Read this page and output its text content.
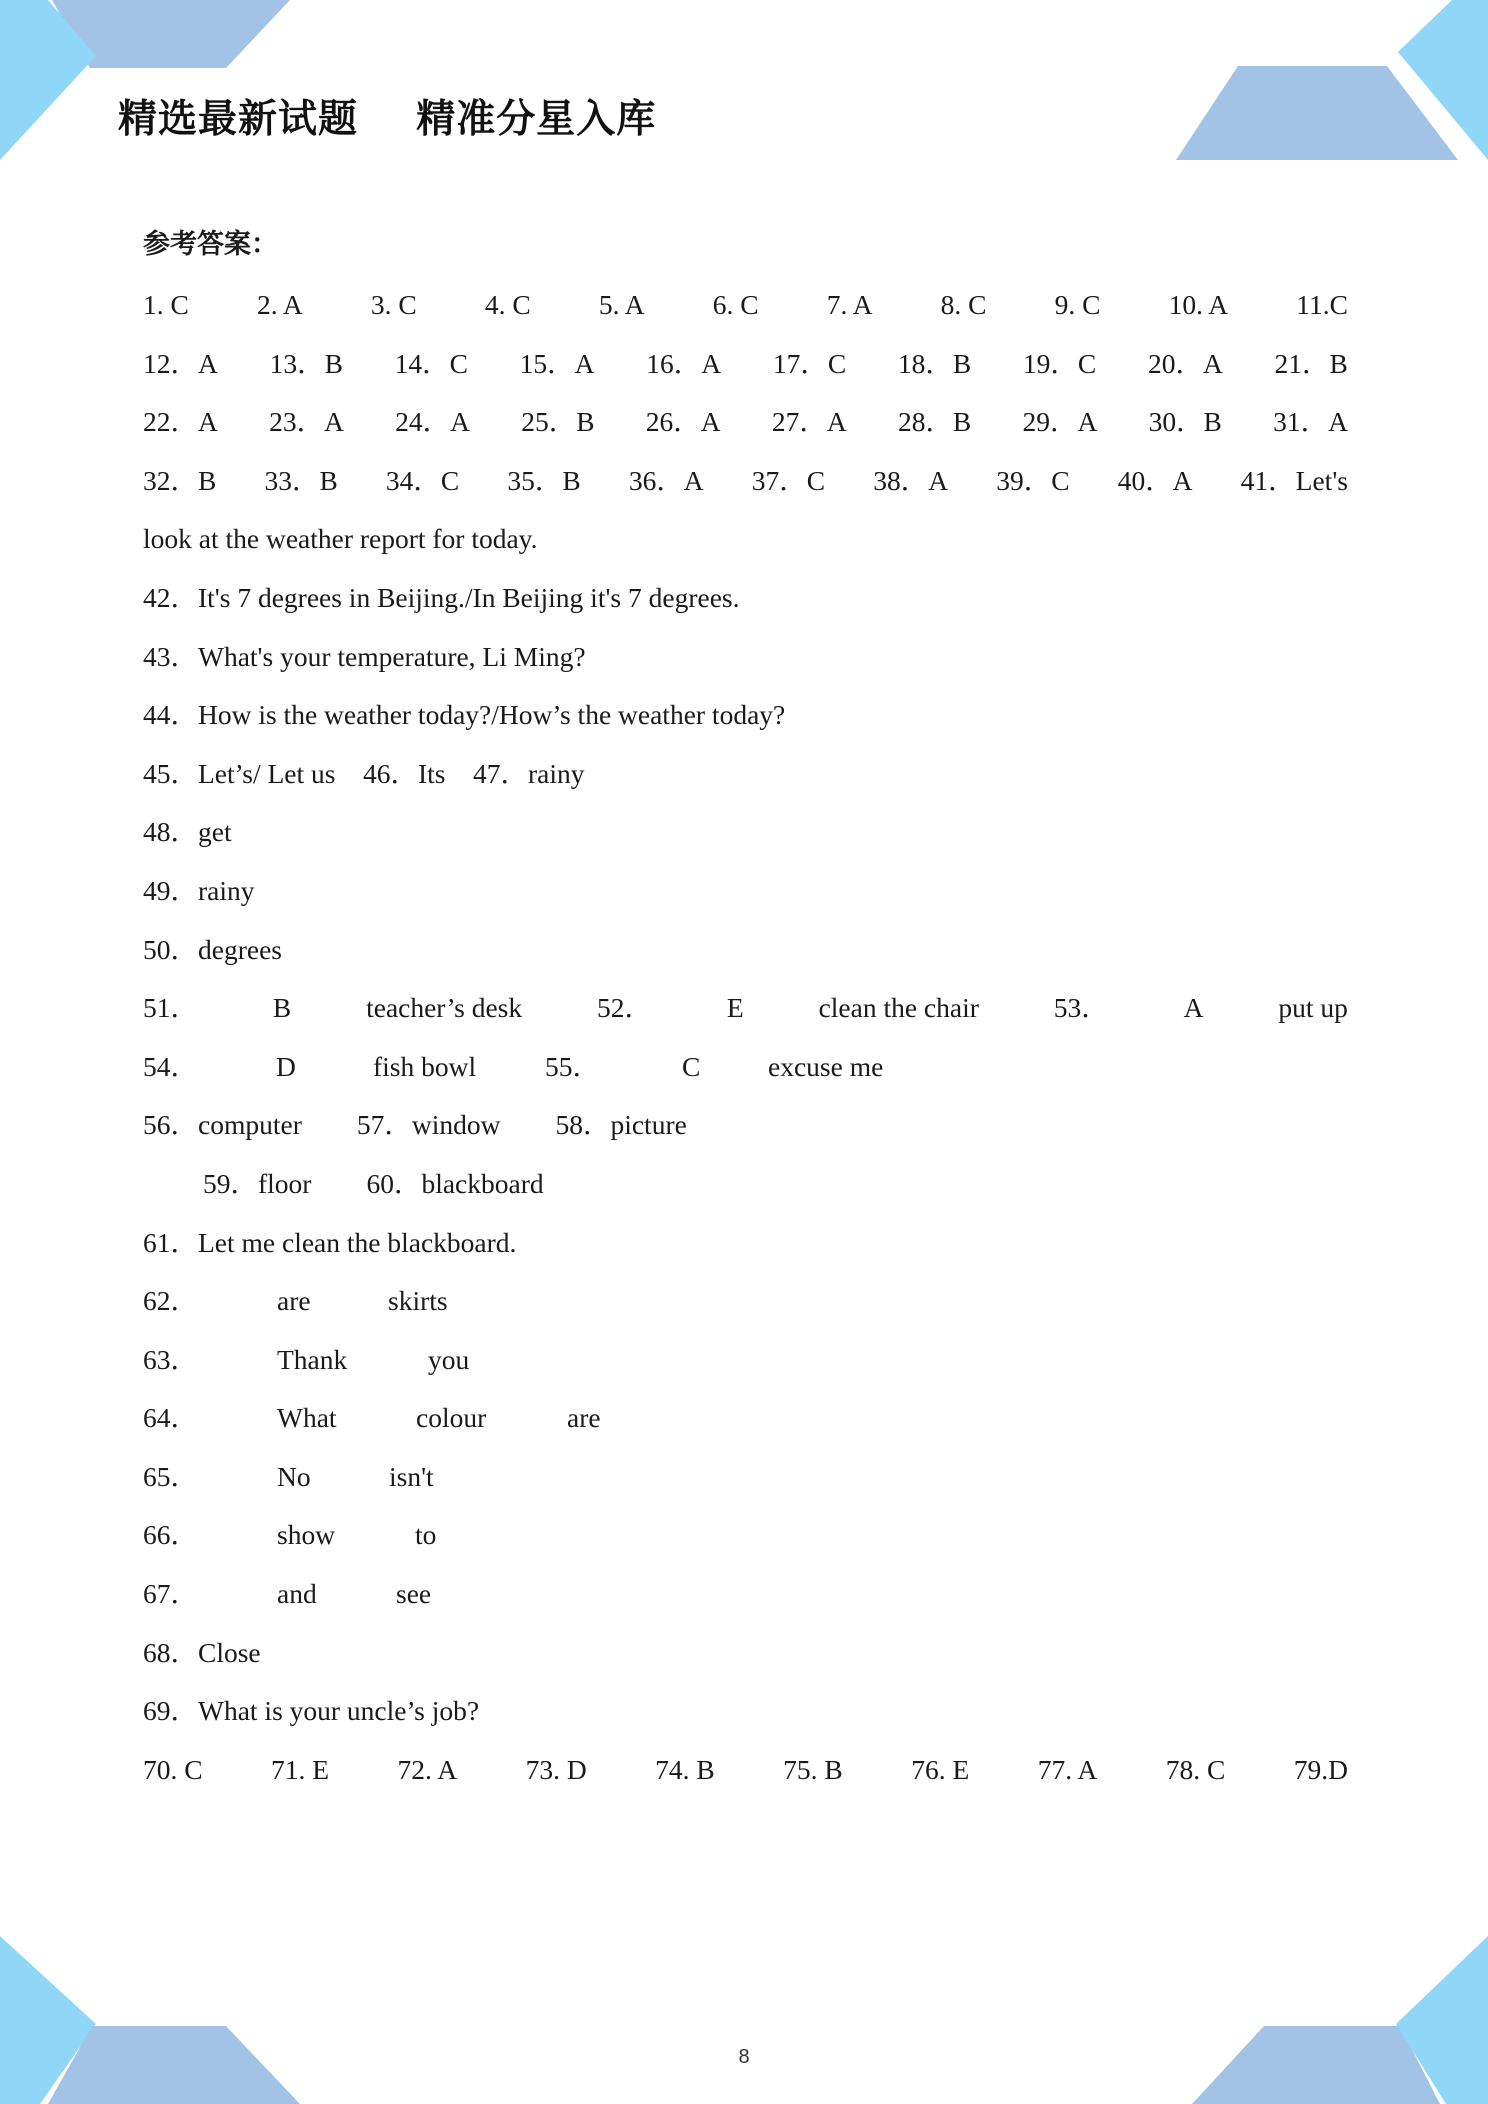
精选最新试题    精准分星入库
参考答案：
1. C 2. A 3. C 4. C 5. A 6. C 7. A 8. C 9. C 10. A 11.C
12．A 13．B 14．C 15．A 16．A 17．C 18．B 19．C 20．A 21．B
22．A 23．A 24．A 25．B 26．A 27．A 28．B 29．A 30．B 31．A
32．B 33．B 34．C 35．B 36．A 37．C 38．A 39．C 40．A 41．Let's
look at the weather report for today.
42．It's 7 degrees in Beijing./In Beijing it's 7 degrees.
43．What's your temperature, Li Ming?
44．How is the weather today?/How’s the weather today?
45．Let’s/ Let us    46．Its    47．rainy
48．get
49．rainy
50．degrees
51．	B	teacher’s desk	52．	E	clean the chair	53．	A	put up
54．	D	fish bowl	55．	C excuse me
56．computer        57．window        58．picture
59．floor        60．blackboard
61．Let me clean the blackboard.
62．	are	skirts
63．	Thank	you
64．	What	colour	are
65．	No	isn't
66．	show	to
67．	and	see
68．Close
69．What is your uncle’s job?
70. C 71. E 72. A 73. D 74. B 75. B 76. E 77. A 78. C 79.D
8
